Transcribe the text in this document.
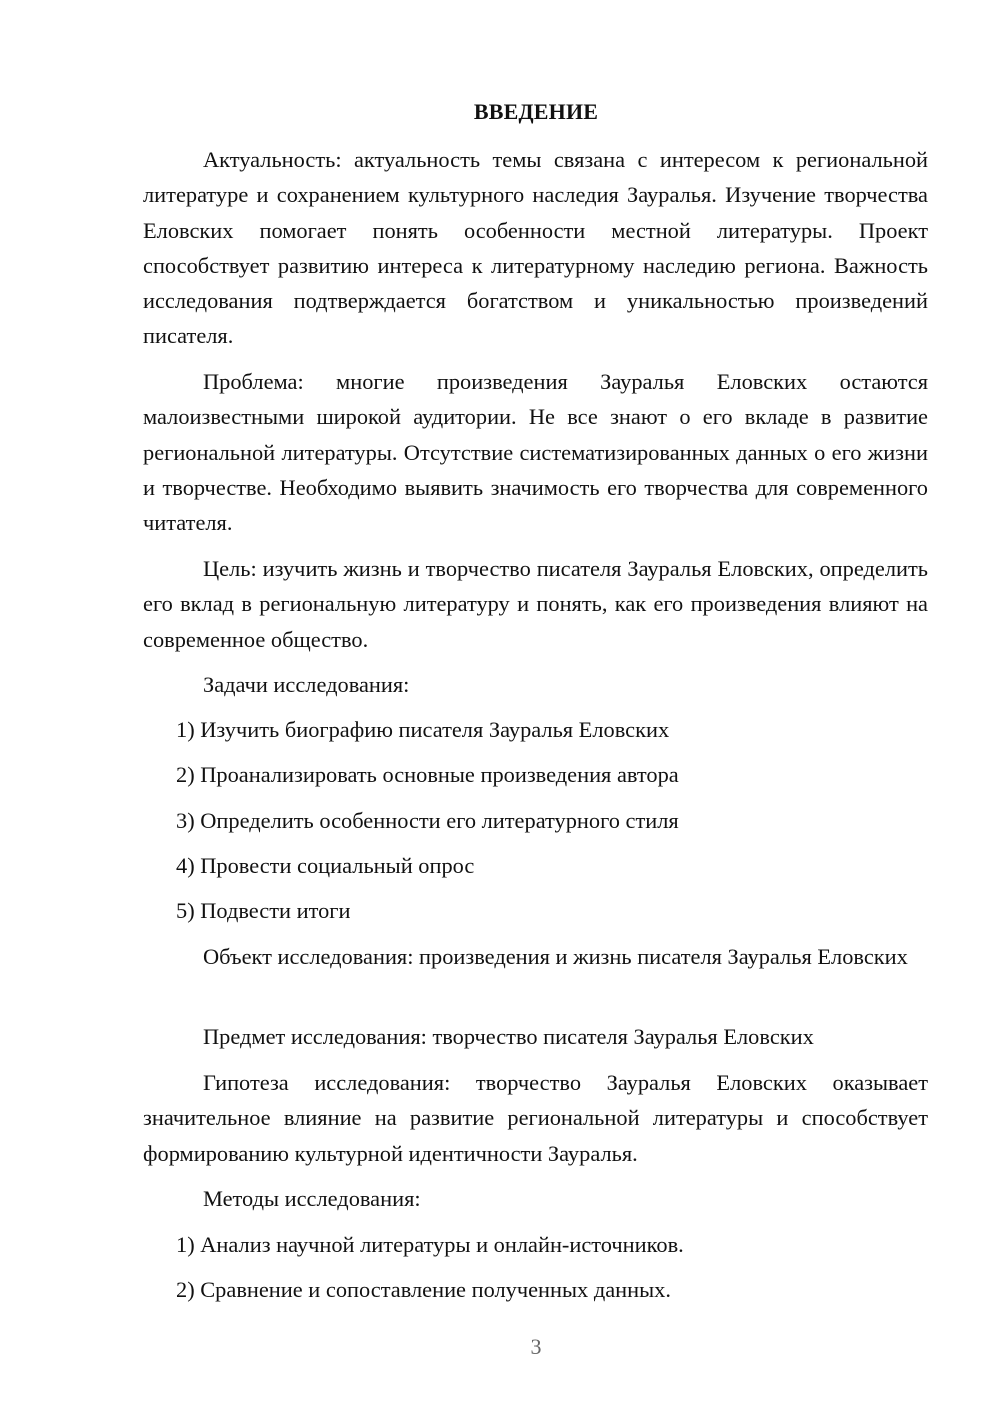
ВВЕДЕНИЕ

Актуальность: актуальность темы связана с интересом к региональной литературе и сохранением культурного наследия Зауралья. Изучение творчества Еловских помогает понять особенности местной литературы. Проект способствует развитию интереса к литературному наследию региона. Важность исследования подтверждается богатством и уникальностью произведений писателя.

Проблема: многие произведения Зауралья Еловских остаются малоизвестными широкой аудитории. Не все знают о его вкладе в развитие региональной литературы. Отсутствие систематизированных данных о его жизни и творчестве. Необходимо выявить значимость его творчества для современного читателя.

Цель: изучить жизнь и творчество писателя Зауралья Еловских, определить его вклад в региональную литературу и понять, как его произведения влияют на современное общество.

Задачи исследования:

1) Изучить биографию писателя Зауралья Еловских

2) Проанализировать основные произведения автора

3) Определить особенности его литературного стиля

4) Провести социальный опрос

5) Подвести итоги

Объект исследования: произведения и жизнь писателя Зауралья Еловских

Предмет исследования: творчество писателя Зауралья Еловских

Гипотеза исследования: творчество Зауралья Еловских оказывает значительное влияние на развитие региональной литературы и способствует формированию культурной идентичности Зауралья.

Методы исследования:

1) Анализ научной литературы и онлайн-источников.

2) Сравнение и сопоставление полученных данных.

3
